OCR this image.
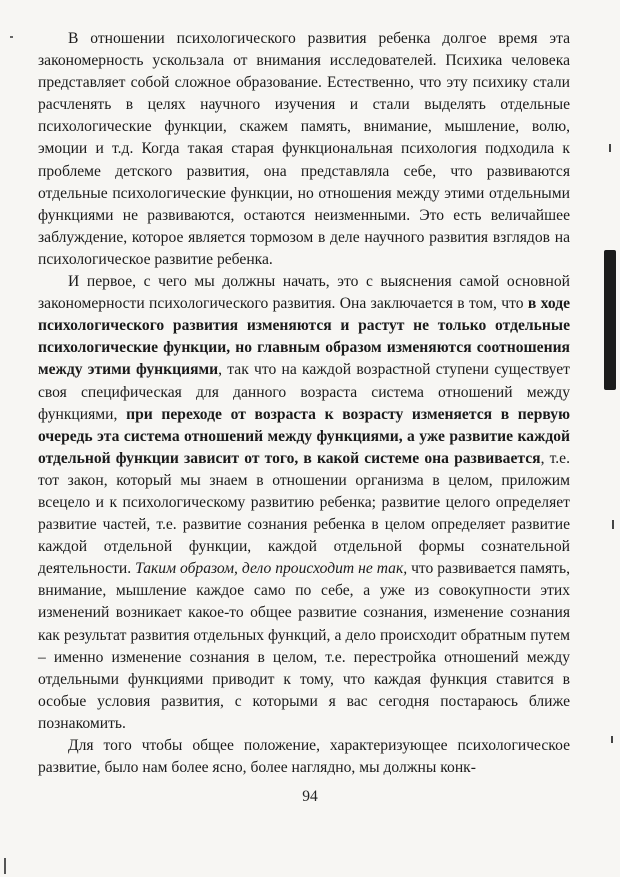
В отношении психологического развития ребенка долгое время эта закономерность ускользала от внимания исследователей. Психика человека представляет собой сложное образование. Естественно, что эту психику стали расчленять в целях научного изучения и стали выделять отдельные психологические функции, скажем память, внимание, мышление, волю, эмоции и т.д. Когда такая старая функциональная психология подходила к проблеме детского развития, она представляла себе, что развиваются отдельные психологические функции, но отношения между этими отдельными функциями не развиваются, остаются неизменными. Это есть величайшее заблуждение, которое является тормозом в деле научного развития взглядов на психологическое развитие ребенка.

И первое, с чего мы должны начать, это с выяснения самой основной закономерности психологического развития. Она заключается в том, что в ходе психологического развития изменяются и растут не только отдельные психологические функции, но главным образом изменяются соотношения между этими функциями, так что на каждой возрастной ступени существует своя специфическая для данного возраста система отношений между функциями, при переходе от возраста к возрасту изменяется в первую очередь эта система отношений между функциями, а уже развитие каждой отдельной функции зависит от того, в какой системе она развивается, т.е. тот закон, который мы знаем в отношении организма в целом, приложим всецело и к психологическому развитию ребенка; развитие целого определяет развитие частей, т.е. развитие сознания ребенка в целом определяет развитие каждой отдельной функции, каждой отдельной формы сознательной деятельности. Таким образом, дело происходит не так, что развивается память, внимание, мышление каждое само по себе, а уже из совокупности этих изменений возникает какое-то общее развитие сознания, изменение сознания как результат развития отдельных функций, а дело происходит обратным путем – именно изменение сознания в целом, т.е. перестройка отношений между отдельными функциями приводит к тому, что каждая функция ставится в особые условия развития, с которыми я вас сегодня постараюсь ближе познакомить.

Для того чтобы общее положение, характеризующее психологическое развитие, было нам более ясно, более наглядно, мы должны конк-

94
